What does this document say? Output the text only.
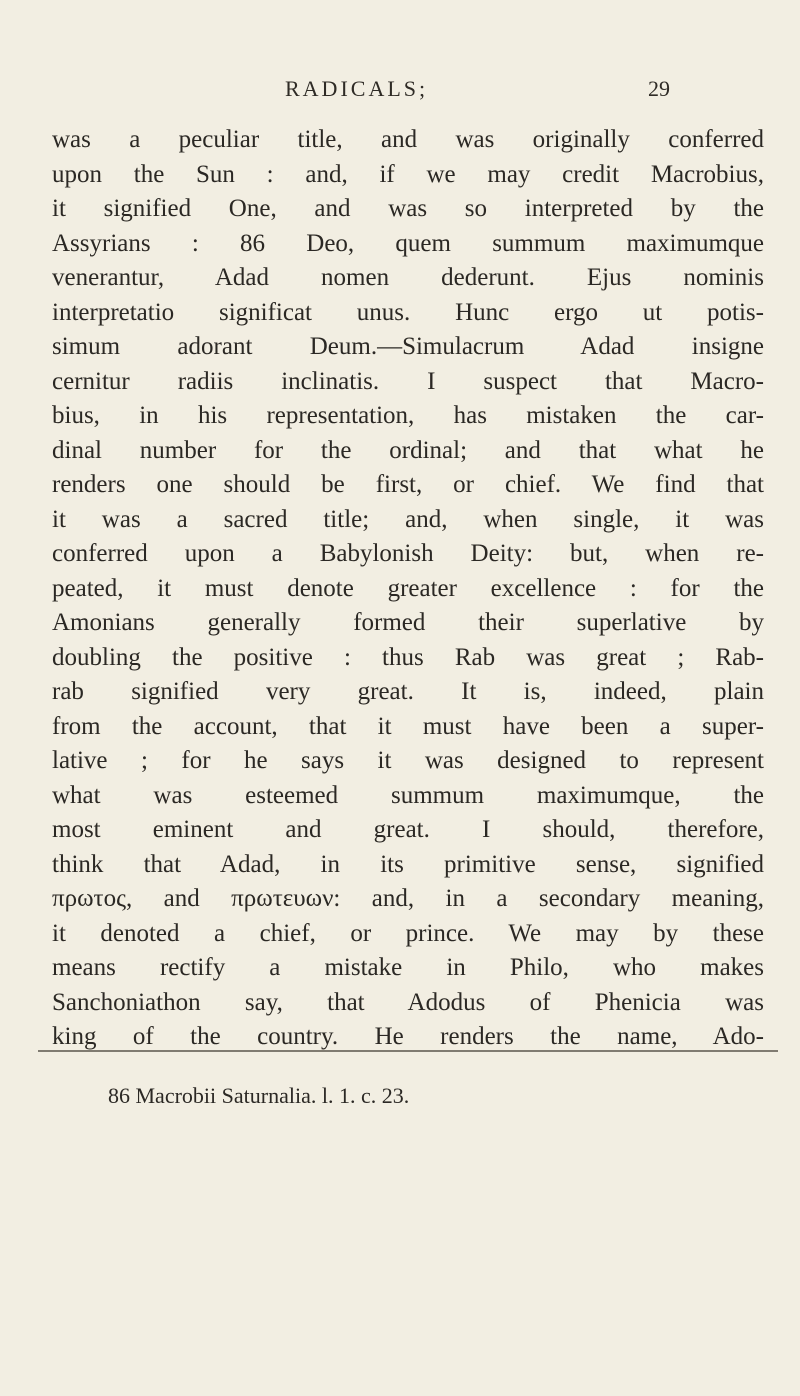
RADICALS;	29
was a peculiar title, and was originally conferred
upon the Sun : and, if we may credit Macrobius,
it signified One, and was so interpreted by the
Assyrians : 86 Deo, quem summum maximumque
venerantur, Adad nomen dederunt. Ejus nominis
interpretatio significat unus. Hunc ergo ut potis-
simum adorant Deum.—Simulacrum Adad insigne
cernitur radiis inclinatis. I suspect that Macro-
bius, in his representation, has mistaken the car-
dinal number for the ordinal; and that what he
renders one should be first, or chief. We find that
it was a sacred title; and, when single, it was
conferred upon a Babylonish Deity: but, when re-
peated, it must denote greater excellence : for the
Amonians generally formed their superlative by
doubling the positive : thus Rab was great ; Rab-
rab signified very great. It is, indeed, plain
from the account, that it must have been a super-
lative ; for he says it was designed to represent
what was esteemed summum maximumque, the
most eminent and great. I should, therefore,
think that Adad, in its primitive sense, signified
πρωτος, and πρωτευων: and, in a secondary meaning,
it denoted a chief, or prince. We may by these
means rectify a mistake in Philo, who makes
Sanchoniathon say, that Adodus of Phenicia was
king of the country. He renders the name, Ado-
86 Macrobii Saturnalia. l. 1. c. 23.
